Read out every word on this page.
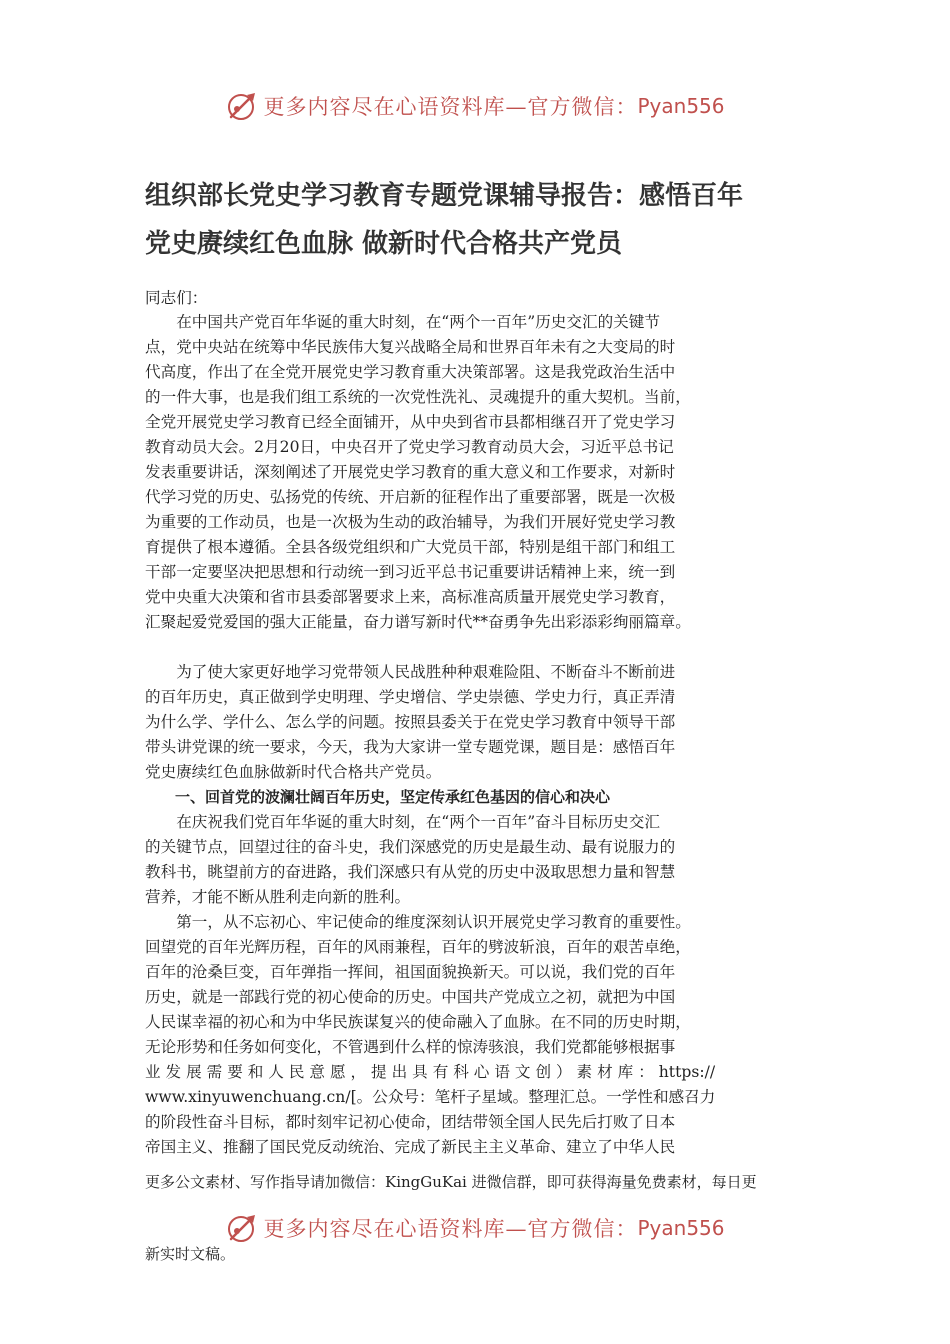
更多内容尽在心语资料库—官方微信： Pyan556
组织部长党史学习教育专题党课辅导报告：感悟百年
党史赓续红色血脉 做新时代合格共产党员

同志们：

在中国共产党百年华诞的重大时刻，在“两个一百年”历史交汇的关键节
点，党中央站在统筹中华民族伟大复兴战略全局和世界百年未有之大变局的时
代高度，作出了在全党开展党史学习教育重大决策部署。这是我党政治生活中
的一件大事，也是我们组工系统的一次党性洗礼、灵魂提升的重大契机。当前，
全党开展党史学习教育已经全面铺开，从中央到省市县都相继召开了党史学习
教育动员大会。2月20日，中央召开了党史学习教育动员大会，习近平总书记
发表重要讲话，深刻阐述了开展党史学习教育的重大意义和工作要求，对新时
代学习党的历史、弘扬党的传统、开启新的征程作出了重要部署，既是一次极
为重要的工作动员，也是一次极为生动的政治辅导，为我们开展好党史学习教
育提供了根本遵循。全县各级党组织和广大党员干部，特别是组干部门和组工
干部一定要坚决把思想和行动统一到习近平总书记重要讲话精神上来，统一到
党中央重大决策和省市县委部署要求上来，高标准高质量开展党史学习教育，
汇聚起爱党爱国的强大正能量，奋力谱写新时代**奋勇争先出彩添彩绚丽篇章。
为了使大家更好地学习党带领人民战胜种种艰难险阻、不断奋斗不断前进
的百年历史，真正做到学史明理、学史增信、学史崇德、学史力行，真正弄清
为什么学、学什么、怎么学的问题。按照县委关于在党史学习教育中领导干部
带头讲党课的统一要求，今天，我为大家讲一堂专题党课，题目是：感悟百年
党史赓续红色血脉做新时代合格共产党员。
一、回首党的波澜壮阔百年历史，坚定传承红色基因的信心和决心
在庆祝我们党百年华诞的重大时刻，在“两个一百年”奋斗目标历史交汇
的关键节点，回望过往的奋斗史，我们深感党的历史是最生动、最有说服力的
教科书，眺望前方的奋进路，我们深感只有从党的历史中汲取思想力量和智慧
营养，才能不断从胜利走向新的胜利。
第一，从不忘初心、牢记使命的维度深刻认识开展党史学习教育的重要性。
回望党的百年光辉历程，百年的风雨兼程，百年的劈波斩浪，百年的艰苦卓绝，
百年的沧桑巨变，百年弹指一挥间，祖国面貌换新天。可以说，我们党的百年
历史，就是一部践行党的初心使命的历史。中国共产党成立之初，就把为中国
人民谋幸福的初心和为中华民族谋复兴的使命融入了血脉。在不同的历史时期，
无论形势和任务如何变化，不管遇到什么样的惊涛骇浪，我们党都能够根据事
业 发 展 需 要 和 人 民 意 愿 ， 提 出 具 有 科 心 语 文 创 ） 素 材 库 ： https://
www.xinyuwenchuang.cn/[。公众号：笔杆子星域。整理汇总。一学性和感召力
的阶段性奋斗目标，都时刻牢记初心使命，团结带领全国人民先后打败了日本
帝国主义、推翻了国民党反动统治、完成了新民主主义革命、建立了中华人民
更多公文素材、写作指导请加微信：KingGuKai 进微信群，即可获得海量免费素材，每日更
更多内容尽在心语资料库—官方微信： Pyan556
新实时文稿。
